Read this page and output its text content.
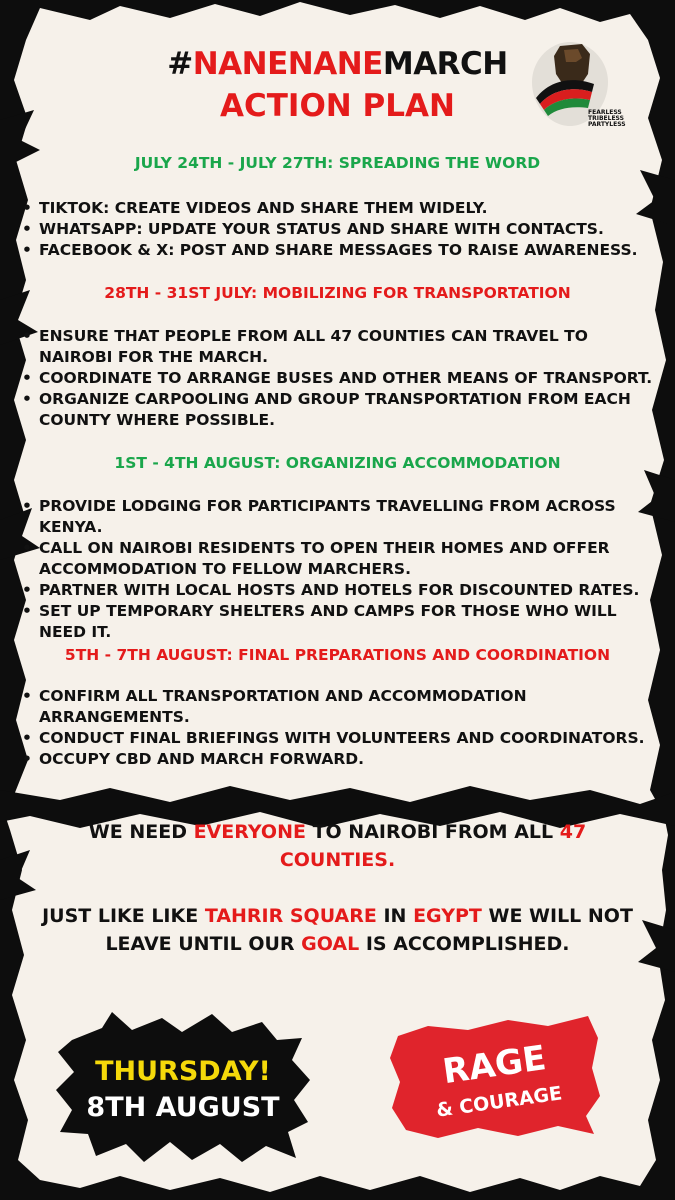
#NANENANEMARCH
ACTION PLAN	FEARLESS
TRIBELESS
PARTYLESS
JULY 24TH - JULY 27TH: SPREADING THE WORD
• TIKTOK: CREATE VIDEOS AND SHARE THEM WIDELY.
• WHATSAPP: UPDATE YOUR STATUS AND SHARE WITH CONTACTS.
• FACEBOOK & X: POST AND SHARE MESSAGES TO RAISE AWARENESS.
28TH - 31ST JULY: MOBILIZING FOR TRANSPORTATION
• ENSURE THAT PEOPLE FROM ALL 47 COUNTIES CAN TRAVEL TO NAIROBI FOR THE MARCH.
• COORDINATE TO ARRANGE BUSES AND OTHER MEANS OF TRANSPORT.
• ORGANIZE CARPOOLING AND GROUP TRANSPORTATION FROM EACH COUNTY WHERE POSSIBLE.
1ST - 4TH AUGUST: ORGANIZING ACCOMMODATION
• PROVIDE LODGING FOR PARTICIPANTS TRAVELLING FROM ACROSS KENYA.
• CALL ON NAIROBI RESIDENTS TO OPEN THEIR HOMES AND OFFER ACCOMMODATION TO FELLOW MARCHERS.
• PARTNER WITH LOCAL HOSTS AND HOTELS FOR DISCOUNTED RATES.
• SET UP TEMPORARY SHELTERS AND CAMPS FOR THOSE WHO WILL NEED IT.
5TH - 7TH AUGUST: FINAL PREPARATIONS AND COORDINATION
• CONFIRM ALL TRANSPORTATION AND ACCOMMODATION ARRANGEMENTS.
• CONDUCT FINAL BRIEFINGS WITH VOLUNTEERS AND COORDINATORS.
• OCCUPY CBD AND MARCH FORWARD.
WE NEED EVERYONE TO NAIROBI FROM ALL 47
COUNTIES.
JUST LIKE LIKE TAHRIR SQUARE IN EGYPT WE WILL NOT LEAVE UNTIL OUR GOAL IS ACCOMPLISHED.
THURSDAY!
8TH AUGUST
RAGE
& COURAGE
